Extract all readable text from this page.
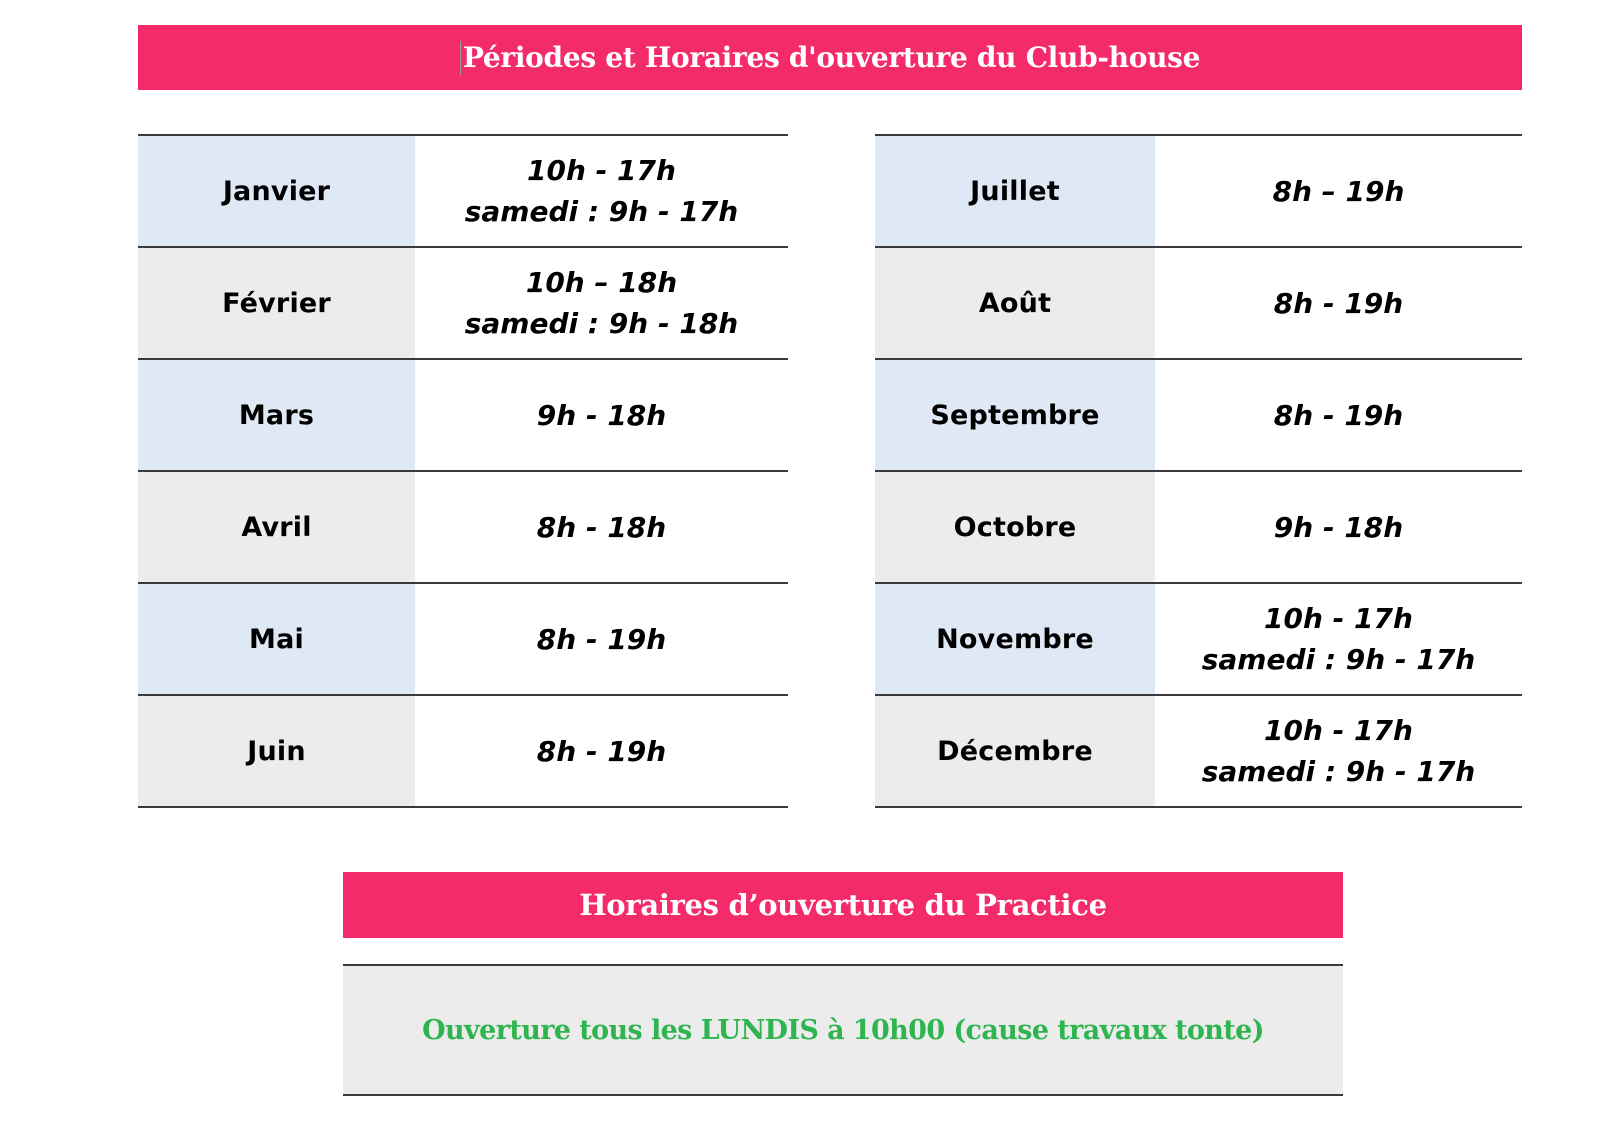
Périodes et Horaires d'ouverture du Club-house
Janvier	10h - 17h
samedi : 9h - 17h

Février	10h – 18h
samedi : 9h - 18h

Mars	9h - 18h

Avril	8h - 18h

Mai	8h - 19h

Juin	8h - 19h
Juillet	8h – 19h

Août	8h - 19h

Septembre	8h - 19h

Octobre	9h - 18h

Novembre	10h - 17h
samedi : 9h - 17h

Décembre	10h - 17h
samedi : 9h - 17h
Horaires d’ouverture du Practice
Ouverture tous les LUNDIS à 10h00 (cause travaux tonte)
